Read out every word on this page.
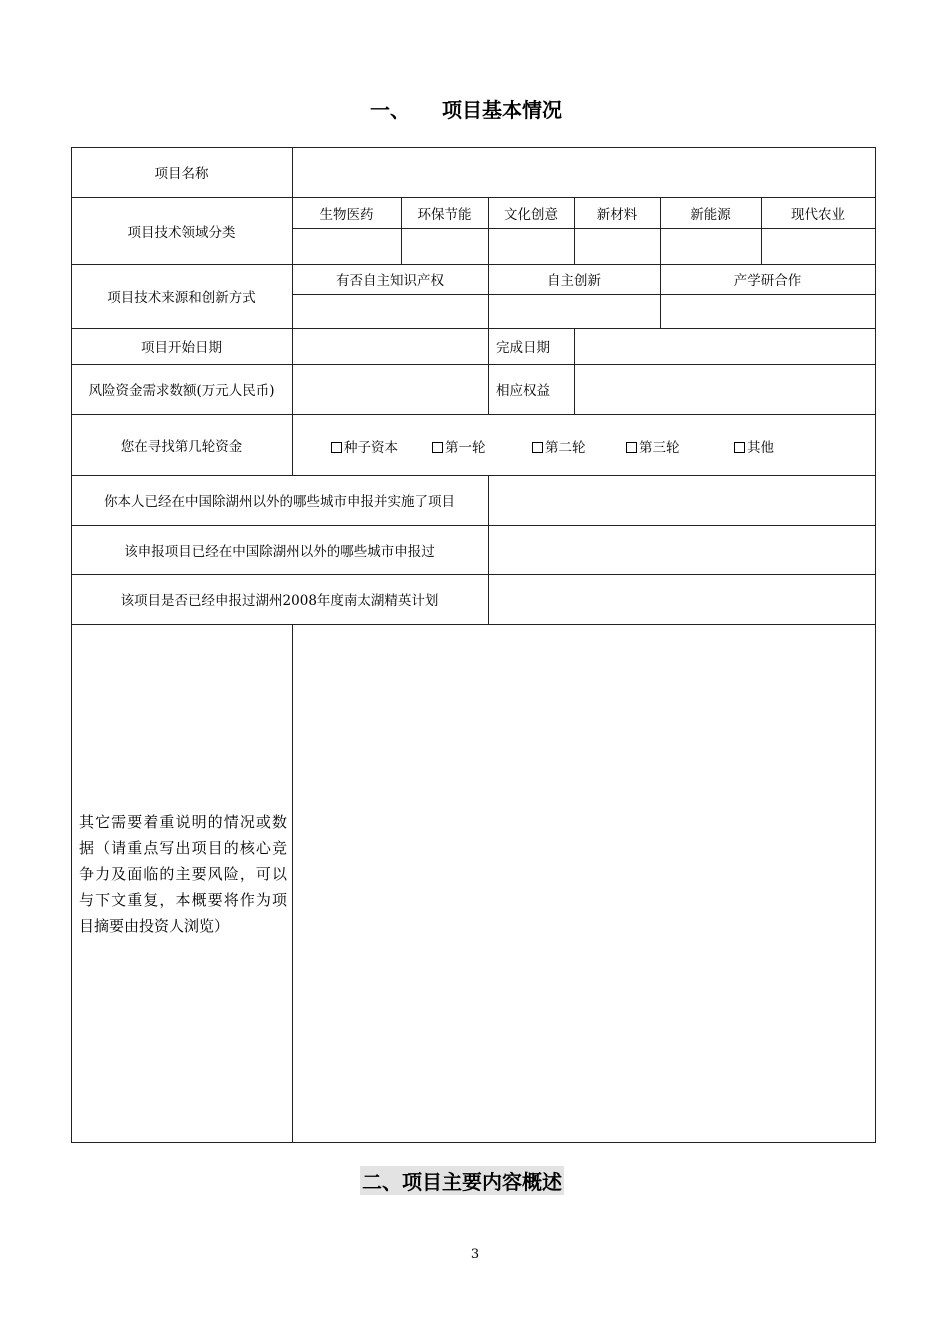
一、 项目基本情况
项目名称
项目技术领域分类
生物医药	环保节能	文化创意	新材料	新能源	现代农业
项目技术来源和创新方式
有否自主知识产权	自主创新	产学研合作
项目开始日期	完成日期
风险资金需求数额(万元人民币)	相应权益
您在寻找第几轮资金	种子资本	第一轮	第二轮	第三轮	其他
你本人已经在中国除湖州以外的哪些城市申报并实施了项目
该申报项目已经在中国除湖州以外的哪些城市申报过
该项目是否已经申报过湖州2008年度南太湖精英计划
其它需要着重说明的情况或数据（请重点写出项目的核心竞争力及面临的主要风险，可以与下文重复，本概要将作为项目摘要由投资人浏览）
二、项目主要内容概述
3
